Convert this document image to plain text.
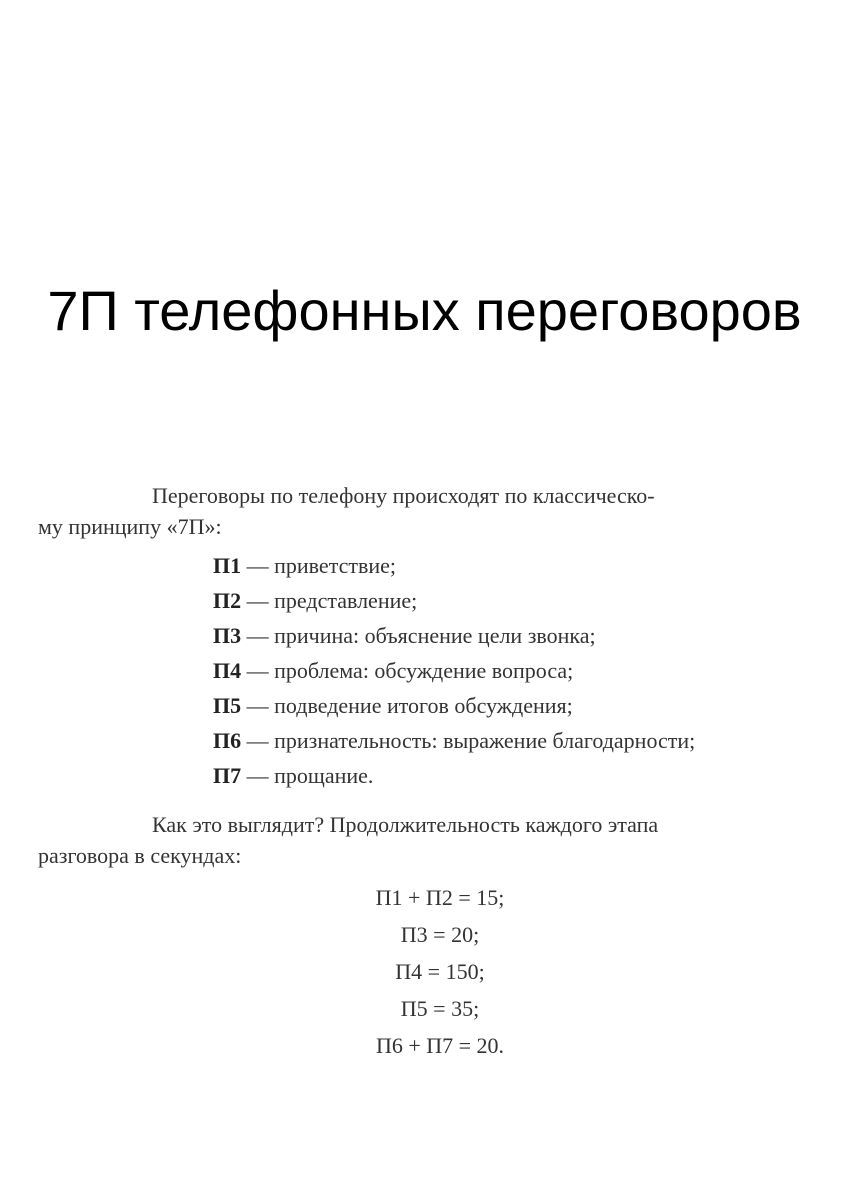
7П телефонных переговоров

Переговоры по телефону происходят по классическо-
му принципу «7П»:

П1 — приветствие;
П2 — представление;
П3 — причина: объяснение цели звонка;
П4 — проблема: обсуждение вопроса;
П5 — подведение итогов обсуждения;
П6 — признательность: выражение благодарности;
П7 — прощание.

Как это выглядит? Продолжительность каждого этапа
разговора в секундах:

П1 + П2 = 15;
П3 = 20;
П4 = 150;
П5 = 35;
П6 + П7 = 20.
